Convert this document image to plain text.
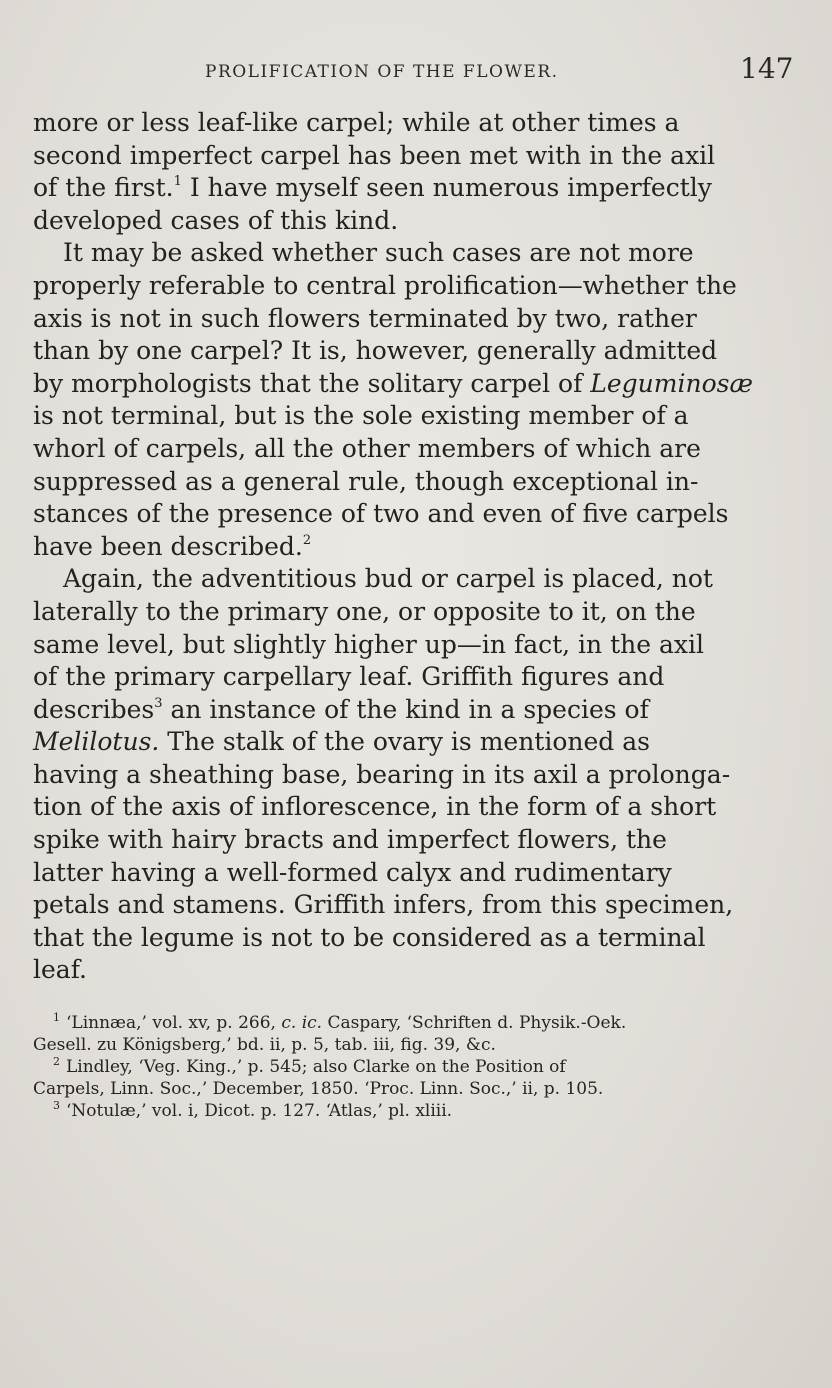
PROLIFICATION OF THE FLOWER.	147
more or less leaf-like carpel; while at other times a
second imperfect carpel has been met with in the axil
of the first.$^1$ I have myself seen numerous imperfectly
developed cases of this kind.
It may be asked whether such cases are not more
properly referable to central prolification—whether the
axis is not in such flowers terminated by two, rather
than by one carpel? It is, however, generally admitted
by morphologists that the solitary carpel of Leguminosæ
is not terminal, but is the sole existing member of a
whorl of carpels, all the other members of which are
suppressed as a general rule, though exceptional in-
stances of the presence of two and even of five carpels
have been described.$^2$
Again, the adventitious bud or carpel is placed, not
laterally to the primary one, or opposite to it, on the
same level, but slightly higher up—in fact, in the axil
of the primary carpellary leaf. Griffith figures and
describes$^3$ an instance of the kind in a species of
Melilotus. The stalk of the ovary is mentioned as
having a sheathing base, bearing in its axil a prolonga-
tion of the axis of inflorescence, in the form of a short
spike with hairy bracts and imperfect flowers, the
latter having a well-formed calyx and rudimentary
petals and stamens. Griffith infers, from this specimen,
that the legume is not to be considered as a terminal
leaf.
$^1$ ‘Linnæa,’ vol. xv, p. 266, c. ic. Caspary, ‘Schriften d. Physik.-Oek.
Gesell. zu Königsberg,’ bd. ii, p. 5, tab. iii, fig. 39, &c.
$^2$ Lindley, ‘Veg. King.,’ p. 545; also Clarke on the Position of
Carpels, Linn. Soc.,’ December, 1850. ‘Proc. Linn. Soc.,’ ii, p. 105.
$^3$ ‘Notulæ,’ vol. i, Dicot. p. 127. ‘Atlas,’ pl. xliii.
